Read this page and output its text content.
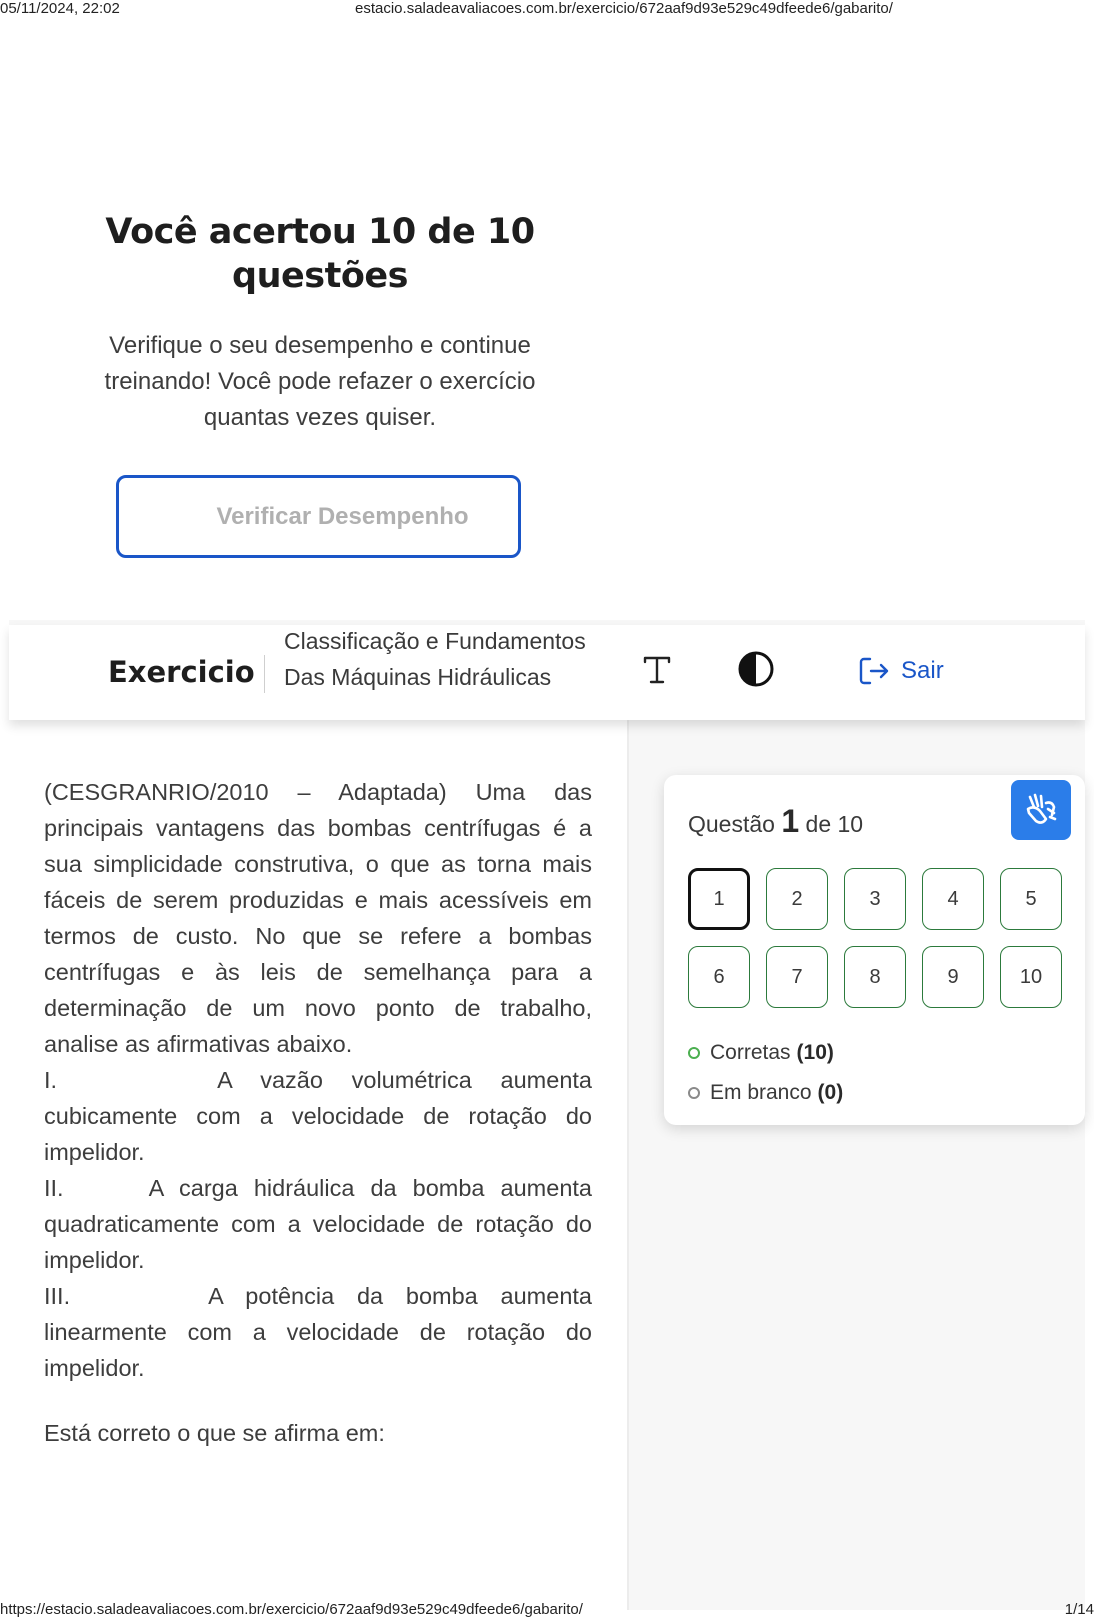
05/11/2024, 22:02	estacio.saladeavaliacoes.com.br/exercicio/672aaf9d93e529c49dfeede6/gabarito/
Você acertou 10 de 10 questões

Verifique o seu desempenho e continue treinando! Você pode refazer o exercício quantas vezes quiser.

Verificar Desempenho
Exercicio
Classificação e Fundamentos Das Máquinas Hidráulicas	Sair
(CESGRANRIO/2010 – Adaptada) Uma das principais vantagens das bombas centrífugas é a sua simplicidade construtiva, o que as torna mais fáceis de serem produzidas e mais acessíveis em termos de custo. No que se refere a bombas centrífugas e às leis de semelhança para a determinação de um novo ponto de trabalho, analise as afirmativas abaixo.
I.	A vazão volumétrica aumenta cubicamente com a velocidade de rotação do impelidor.
II.	A carga hidráulica da bomba aumenta quadraticamente com a velocidade de rotação do impelidor.
III.	A potência da bomba aumenta linearmente com a velocidade de rotação do impelidor.
Está correto o que se afirma em:
Questão 1 de 10
1	2	3	4	5
6	7	8	9	10
Corretas (10)
Em branco (0)
https://estacio.saladeavaliacoes.com.br/exercicio/672aaf9d93e529c49dfeede6/gabarito/	1/14
